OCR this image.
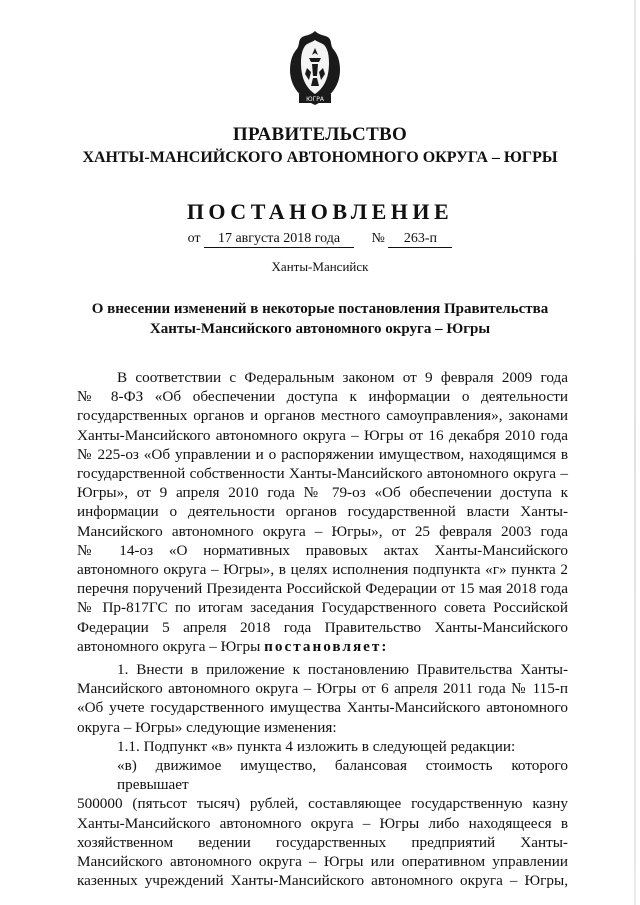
ЮГРА
ПРАВИТЕЛЬСТВО
ХАНТЫ-МАНСИЙСКОГО АВТОНОМНОГО ОКРУГА – ЮГРЫ
ПОСТАНОВЛЕНИЕ
от 17 августа 2018 года № 263-п
Ханты-Мансийск
О внесении изменений в некоторые постановления Правительства
Ханты-Мансийского автономного округа – Югры

В соответствии с Федеральным законом от 9 февраля 2009 года

№ 8-ФЗ «Об обеспечении доступа к информации о деятельности

государственных органов и органов местного самоуправления», законами

Ханты-Мансийского автономного округа – Югры от 16 декабря 2010 года

№ 225-оз «Об управлении и о распоряжении имуществом, находящимся в

государственной собственности Ханты-Мансийского автономного округа –

Югры», от 9 апреля 2010 года № 79-оз «Об обеспечении доступа к

информации о деятельности органов государственной власти Ханты-

Мансийского автономного округа – Югры», от 25 февраля 2003 года

№ 14-оз «О нормативных правовых актах Ханты-Мансийского

автономного округа – Югры», в целях исполнения подпункта «г» пункта 2

перечня поручений Президента Российской Федерации от 15 мая 2018 года

№ Пр-817ГС по итогам заседания Государственного совета Российской

Федерации 5 апреля 2018 года Правительство Ханты-Мансийского

автономного округа – Югры постановляет:

1. Внести в приложение к постановлению Правительства Ханты-

Мансийского автономного округа – Югры от 6 апреля 2011 года № 115-п

«Об учете государственного имущества Ханты-Мансийского автономного

округа – Югры» следующие изменения:

1.1. Подпункт «в» пункта 4 изложить в следующей редакции:

«в) движимое имущество, балансовая стоимость которого превышает

500000 (пятьсот тысяч) рублей, составляющее государственную казну

Ханты-Мансийского автономного округа – Югры либо находящееся в

хозяйственном ведении государственных предприятий Ханты-

Мансийского автономного округа – Югры или оперативном управлении

казенных учреждений Ханты-Мансийского автономного округа – Югры,
